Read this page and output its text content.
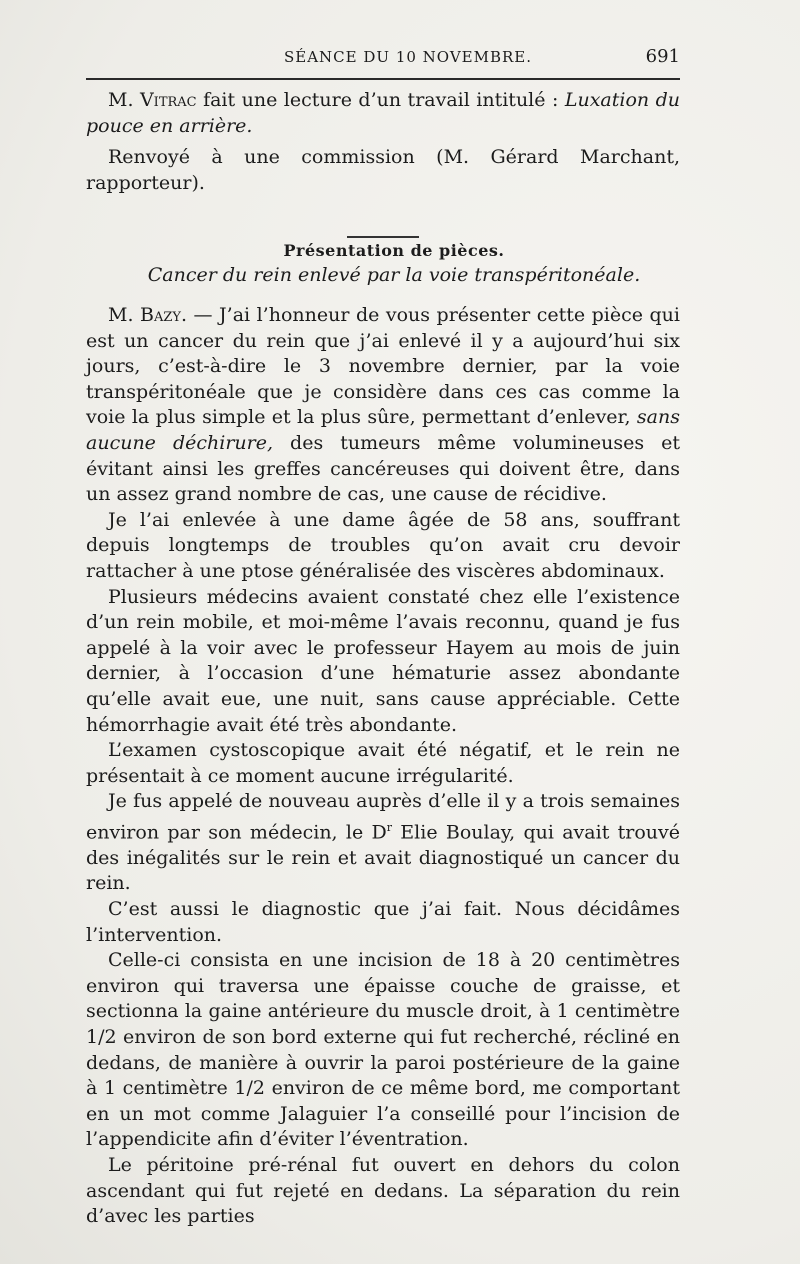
SÉANCE DU 10 NOVEMBRE.	691

M. Vitrac fait une lecture d’un travail intitulé : Luxation du pouce en arrière.

Renvoyé à une commission (M. Gérard Marchant, rapporteur).

Présentation de pièces.

Cancer du rein enlevé par la voie transpéritonéale.

M. Bazy. — J’ai l’honneur de vous présenter cette pièce qui est un cancer du rein que j’ai enlevé il y a aujourd’hui six jours, c’est-à-dire le 3 novembre dernier, par la voie transpéritonéale que je considère dans ces cas comme la voie la plus simple et la plus sûre, permettant d’enlever, sans aucune déchirure, des tumeurs même volumineuses et évitant ainsi les greffes cancéreuses qui doivent être, dans un assez grand nombre de cas, une cause de récidive.

Je l’ai enlevée à une dame âgée de 58 ans, souffrant depuis longtemps de troubles qu’on avait cru devoir rattacher à une ptose généralisée des viscères abdominaux.

Plusieurs médecins avaient constaté chez elle l’existence d’un rein mobile, et moi-même l’avais reconnu, quand je fus appelé à la voir avec le professeur Hayem au mois de juin dernier, à l’occasion d’une hématurie assez abondante qu’elle avait eue, une nuit, sans cause appréciable. Cette hémorrhagie avait été très abondante.

L’examen cystoscopique avait été négatif, et le rein ne présentait à ce moment aucune irrégularité.

Je fus appelé de nouveau auprès d’elle il y a trois semaines environ par son médecin, le $D^r$ Elie Boulay, qui avait trouvé des inégalités sur le rein et avait diagnostiqué un cancer du rein.

C’est aussi le diagnostic que j’ai fait. Nous décidâmes l’intervention.

Celle-ci consista en une incision de 18 à 20 centimètres environ qui traversa une épaisse couche de graisse, et sectionna la gaine antérieure du muscle droit, à 1 centimètre 1/2 environ de son bord externe qui fut recherché, récliné en dedans, de manière à ouvrir la paroi postérieure de la gaine à 1 centimètre 1/2 environ de ce même bord, me comportant en un mot comme Jalaguier l’a conseillé pour l’incision de l’appendicite afin d’éviter l’éventration.

Le péritoine pré-rénal fut ouvert en dehors du colon ascendant qui fut rejeté en dedans. La séparation du rein d’avec les parties
